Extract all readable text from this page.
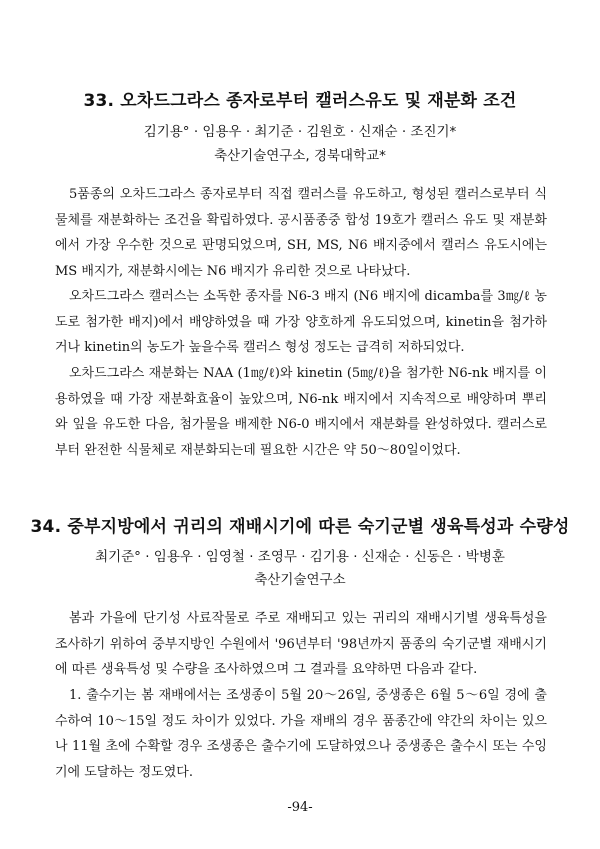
33. 오차드그라스 종자로부터 캘러스유도 및 재분화 조건
김기용° · 임용우 · 최기준 · 김원호 · 신재순 · 조진기*
축산기술연구소, 경북대학교*

5품종의 오차드그라스 종자로부터 직접 캘러스를 유도하고, 형성된 캘러스로부터 식물체를 재분화하는 조건을 확립하였다. 공시품종중 합성 19호가 캘러스 유도 및 재분화에서 가장 우수한 것으로 판명되었으며, SH, MS, N6 배지중에서 캘러스 유도시에는 MS 배지가, 재분화시에는 N6 배지가 유리한 것으로 나타났다.

오차드그라스 캘러스는 소독한 종자를 N6-3 배지 (N6 배지에 dicamba를 3㎎/ℓ 농도로 첨가한 배지)에서 배양하였을 때 가장 양호하게 유도되었으며, kinetin을 첨가하거나 kinetin의 농도가 높을수록 캘러스 형성 정도는 급격히 저하되었다.

오차드그라스 재분화는 NAA (1㎎/ℓ)와 kinetin (5㎎/ℓ)을 첨가한 N6-nk 배지를 이용하였을 때 가장 재분화효율이 높았으며, N6-nk 배지에서 지속적으로 배양하며 뿌리와 잎을 유도한 다음, 첨가물을 배제한 N6-0 배지에서 재분화를 완성하였다. 캘러스로부터 완전한 식물체로 재분화되는데 필요한 시간은 약 50～80일이었다.

34. 중부지방에서 귀리의 재배시기에 따른 숙기군별 생육특성과 수량성
최기준° · 임용우 · 임영철 · 조영무 · 김기용 · 신재순 · 신동은 · 박병훈
축산기술연구소

봄과 가을에 단기성 사료작물로 주로 재배되고 있는 귀리의 재배시기별 생육특성을 조사하기 위하여 중부지방인 수원에서 '96년부터 '98년까지 품종의 숙기군별 재배시기에 따른 생육특성 및 수량을 조사하였으며 그 결과를 요약하면 다음과 같다.

1. 출수기는 봄 재배에서는 조생종이 5월 20～26일, 중생종은 6월 5～6일 경에 출수하여 10～15일 정도 차이가 있었다. 가을 재배의 경우 품종간에 약간의 차이는 있으나 11월 초에 수확할 경우 조생종은 출수기에 도달하였으나 중생종은 출수시 또는 수잉기에 도달하는 정도였다.

-94-
